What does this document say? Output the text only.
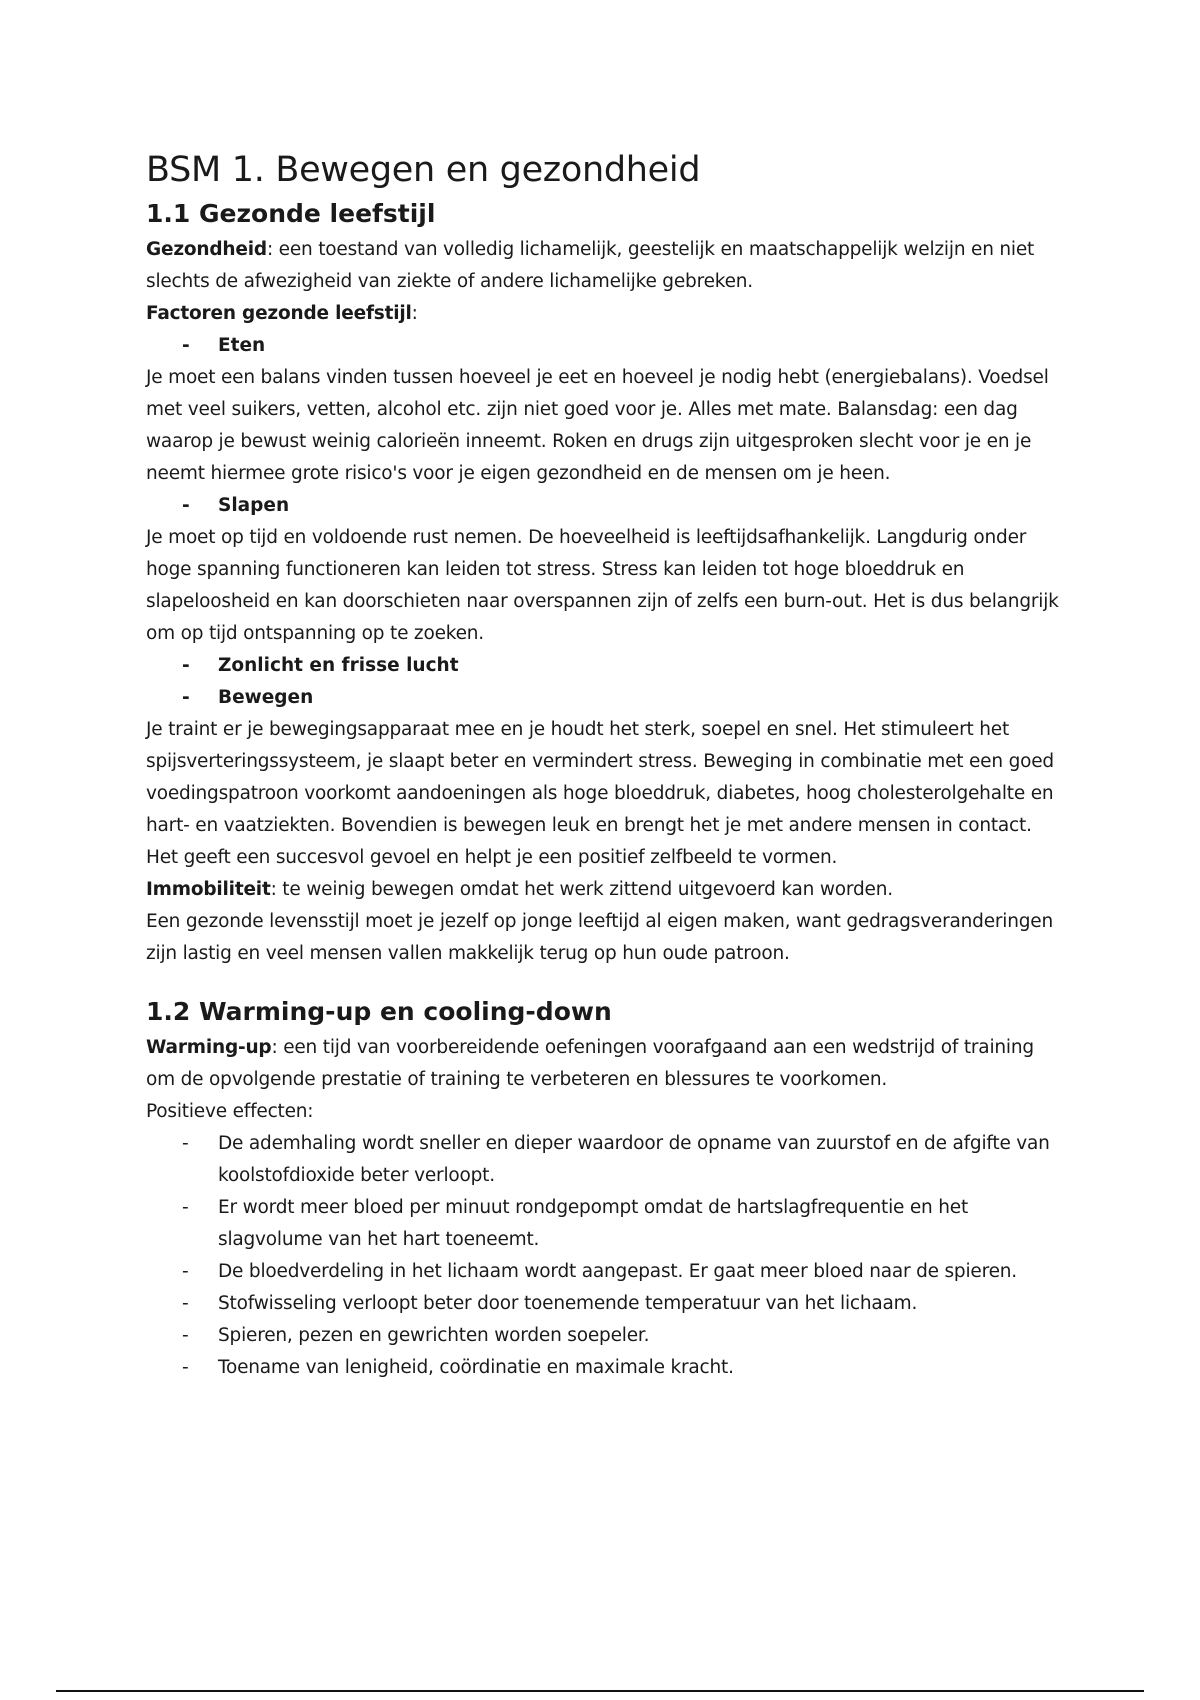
BSM 1. Bewegen en gezondheid
1.1 Gezonde leefstijl

Gezondheid: een toestand van volledig lichamelijk, geestelijk en maatschappelijk welzijn en niet slechts de afwezigheid van ziekte of andere lichamelijke gebreken.

Factoren gezonde leefstijl:

-	Eten

Je moet een balans vinden tussen hoeveel je eet en hoeveel je nodig hebt (energiebalans). Voedsel met veel suikers, vetten, alcohol etc. zijn niet goed voor je. Alles met mate. Balansdag: een dag waarop je bewust weinig calorieën inneemt. Roken en drugs zijn uitgesproken slecht voor je en je neemt hiermee grote risico's voor je eigen gezondheid en de mensen om je heen.

-	Slapen

Je moet op tijd en voldoende rust nemen. De hoeveelheid is leeftijdsafhankelijk. Langdurig onder hoge spanning functioneren kan leiden tot stress. Stress kan leiden tot hoge bloeddruk en slapeloosheid en kan doorschieten naar overspannen zijn of zelfs een burn-out. Het is dus belangrijk om op tijd ontspanning op te zoeken.

-	Zonlicht en frisse lucht
-	Bewegen

Je traint er je bewegingsapparaat mee en je houdt het sterk, soepel en snel. Het stimuleert het spijsverteringssysteem, je slaapt beter en vermindert stress. Beweging in combinatie met een goed voedingspatroon voorkomt aandoeningen als hoge bloeddruk, diabetes, hoog cholesterolgehalte en hart- en vaatziekten. Bovendien is bewegen leuk en brengt het je met andere mensen in contact. Het geeft een succesvol gevoel en helpt je een positief zelfbeeld te vormen.

Immobiliteit: te weinig bewegen omdat het werk zittend uitgevoerd kan worden.

Een gezonde levensstijl moet je jezelf op jonge leeftijd al eigen maken, want gedragsveranderingen zijn lastig en veel mensen vallen makkelijk terug op hun oude patroon.

1.2 Warming-up en cooling-down

Warming-up: een tijd van voorbereidende oefeningen voorafgaand aan een wedstrijd of training om de opvolgende prestatie of training te verbeteren en blessures te voorkomen.

Positieve effecten:

-	De ademhaling wordt sneller en dieper waardoor de opname van zuurstof en de afgifte van koolstofdioxide beter verloopt.
-	Er wordt meer bloed per minuut rondgepompt omdat de hartslagfrequentie en het slagvolume van het hart toeneemt.
-	De bloedverdeling in het lichaam wordt aangepast. Er gaat meer bloed naar de spieren.
-	Stofwisseling verloopt beter door toenemende temperatuur van het lichaam.
-	Spieren, pezen en gewrichten worden soepeler.
-	Toename van lenigheid, coördinatie en maximale kracht.
